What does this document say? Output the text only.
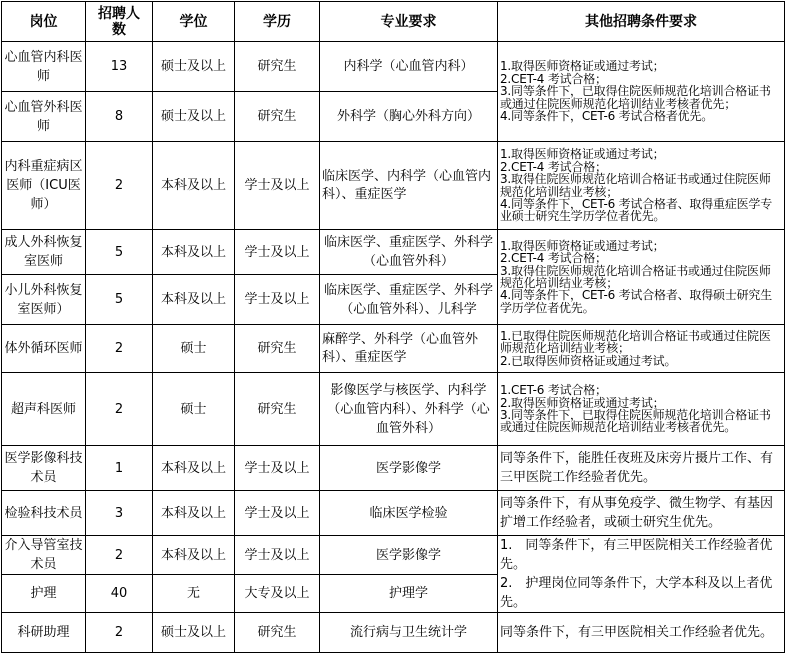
岗位	招聘人数	学位	学历	专业要求	其他招聘条件要求
心血管内科医师	13	硕士及以上	研究生	内科学（心血管内科）	1.取得医师资格证或通过考试；
2.CET-4 考试合格；
3.同等条件下，已取得住院医师规范化培训合格证书或通过住院医师规范化培训结业考核者优先；
4.同等条件下，CET-6 考试合格者优先。

心血管外科医师	8	硕士及以上	研究生	外科学（胸心外科方向）	
内科重症病区医师（ICU医师）	2	本科及以上	学士及以上	临床医学、内科学（心血管内科）、重症医学	1.取得医师资格证或通过考试；
2.CET-4 考试合格；
3.取得住院医师规范化培训合格证书或通过住院医师规范化培训结业考核；
4.同等条件下，CET-6 考试合格者、取得重症医学专业硕士研究生学历学位者优先。

成人外科恢复室医师	5	本科及以上	学士及以上	临床医学、重症医学、外科学（心血管外科）	1.取得医师资格证或通过考试；
2.CET-4 考试合格；
3.取得住院医师规范化培训合格证书或通过住院医师规范化培训结业考核；
4.同等条件下，CET-6 考试合格者、取得硕士研究生学历学位者优先。

小儿外科恢复室医师）	5	本科及以上	学士及以上	临床医学、重症医学、外科学（心血管外科）、儿科学	
体外循环医师	2	硕士	研究生	麻醉学、外科学（心血管外科）、重症医学	1.已取得住院医师规范化培训合格证书或通过住院医师规范化培训结业考核；
2.已取得医师资格证或通过考试。

超声科医师	2	硕士	研究生	影像医学与核医学、内科学（心血管内科）、外科学（心血管外科）	1.CET-6 考试合格；
2.取得医师资格证或通过考试；
3.同等条件下，已取得住院医师规范化培训合格证书或通过住院医师规范化培训结业考核者优先。

医学影像科技术员	1	本科及以上	学士及以上	医学影像学	同等条件下，能胜任夜班及床旁片摄片工作、有三甲医院工作经验者优先。
检验科技术员	3	本科及以上	学士及以上	临床医学检验	同等条件下，有从事免疫学、微生物学、有基因扩增工作经验者，或硕士研究生优先。
介入导管室技术员	2	本科及以上	学士及以上	医学影像学	1.　同等条件下，有三甲医院相关工作经验者优先。
2.　护理岗位同等条件下，大学本科及以上者优先。

护理	40	无	大专及以上	护理学	
科研助理	2	硕士及以上	研究生	流行病与卫生统计学	同等条件下，有三甲医院相关工作经验者优先。
